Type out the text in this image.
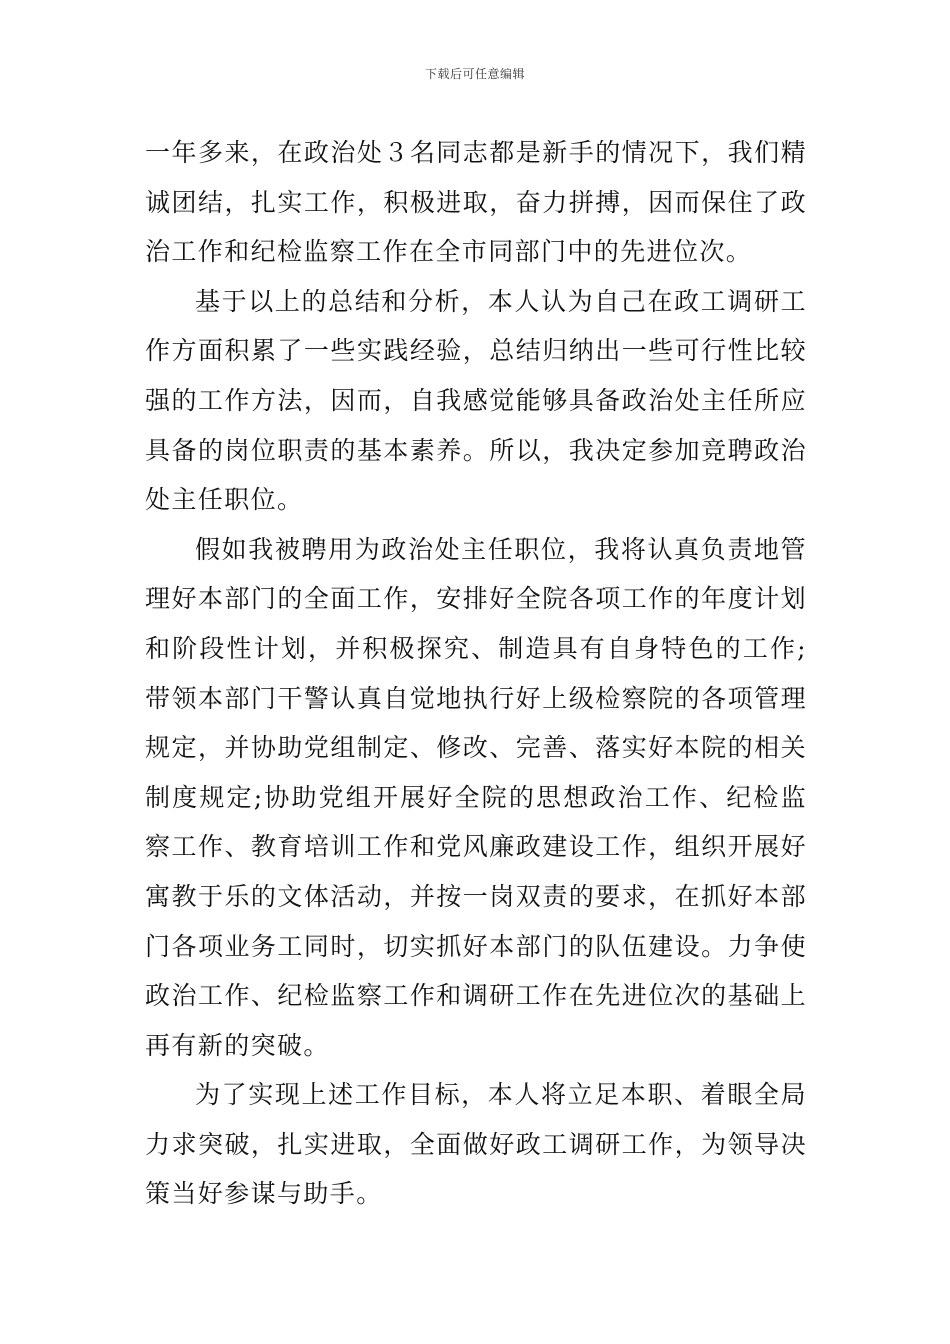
下载后可任意编辑

一年多来，在政治处３名同志都是新手的情况下，我们精诚团结，扎实工作，积极进取，奋力拼搏，因而保住了政治工作和纪检监察工作在全市同部门中的先进位次。

基于以上的总结和分析，本人认为自己在政工调研工作方面积累了一些实践经验，总结归纳出一些可行性比较强的工作方法，因而，自我感觉能够具备政治处主任所应具备的岗位职责的基本素养。所以，我决定参加竞聘政治处主任职位。

假如我被聘用为政治处主任职位，我将认真负责地管理好本部门的全面工作，安排好全院各项工作的年度计划和阶段性计划，并积极探究、制造具有自身特色的工作;带领本部门干警认真自觉地执行好上级检察院的各项管理规定，并协助党组制定、修改、完善、落实好本院的相关制度规定;协助党组开展好全院的思想政治工作、纪检监察工作、教育培训工作和党风廉政建设工作，组织开展好寓教于乐的文体活动，并按一岗双责的要求，在抓好本部门各项业务工同时，切实抓好本部门的队伍建设。力争使政治工作、纪检监察工作和调研工作在先进位次的基础上再有新的突破。

为了实现上述工作目标，本人将立足本职、着眼全局力求突破，扎实进取，全面做好政工调研工作，为领导决策当好参谋与助手。
